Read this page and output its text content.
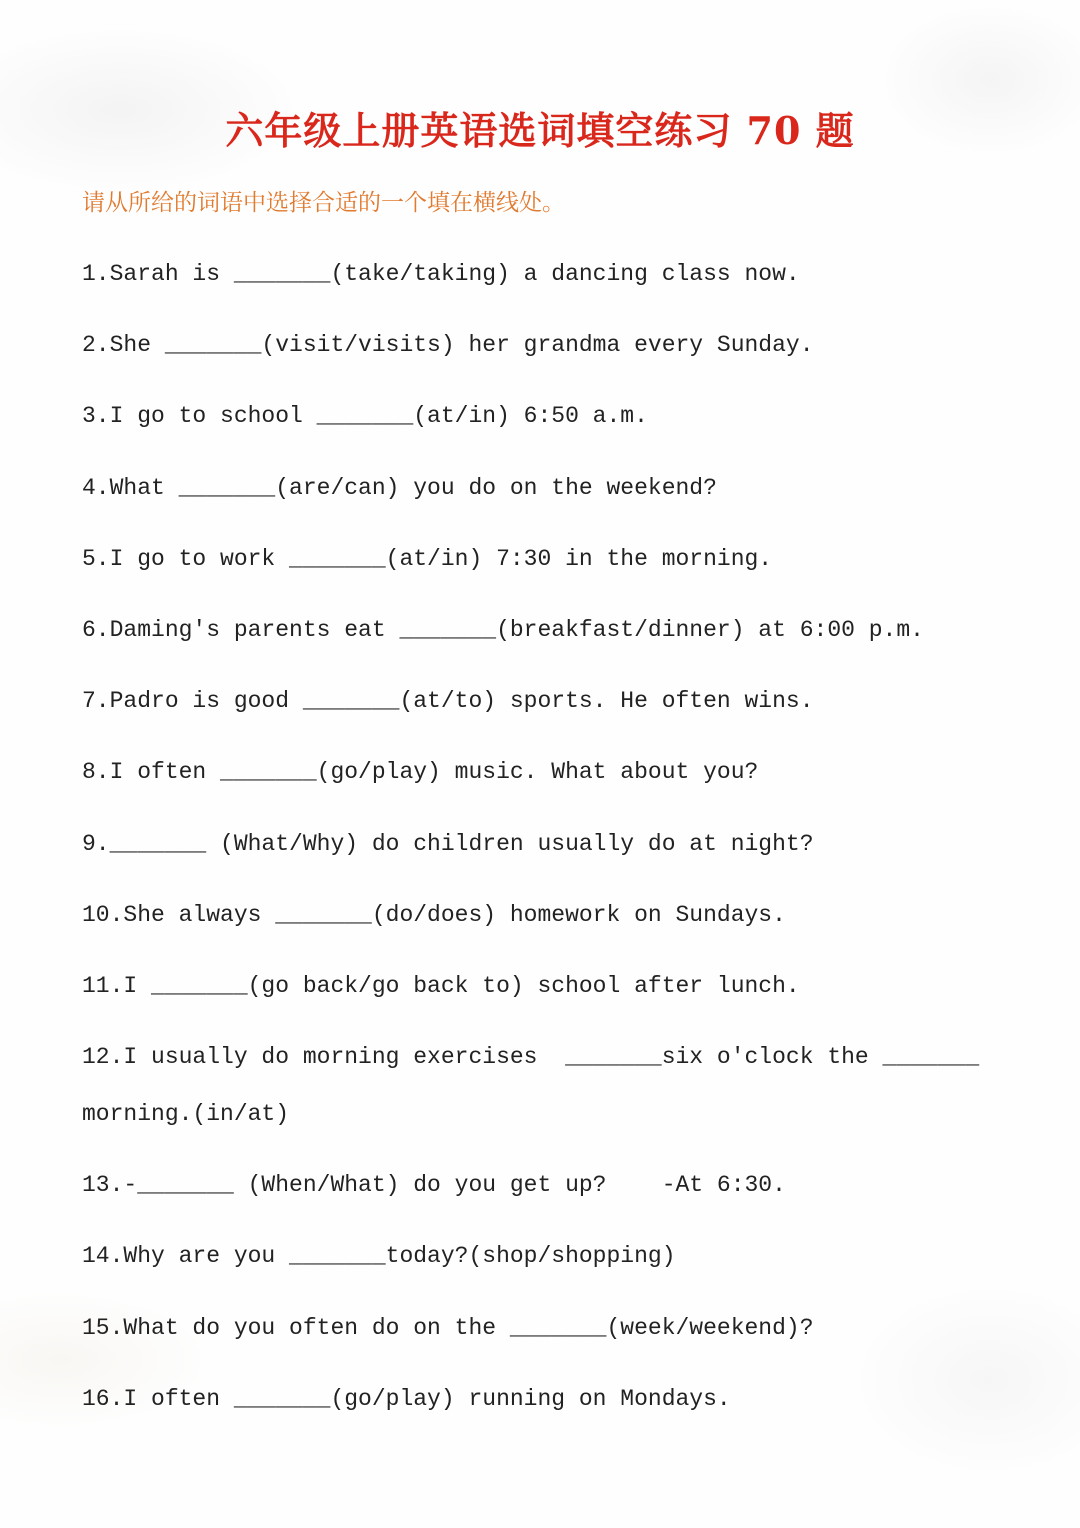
六年级上册英语选词填空练习 70 题
请从所给的词语中选择合适的一个填在横线处。
1.Sarah is _______(take/taking) a dancing class now.
2.She _______(visit/visits) her grandma every Sunday.
3.I go to school _______(at/in) 6:50 a.m.
4.What _______(are/can) you do on the weekend?
5.I go to work _______(at/in) 7:30 in the morning.
6.Daming's parents eat _______(breakfast/dinner) at 6:00 p.m.
7.Padro is good _______(at/to) sports. He often wins.
8.I often _______(go/play) music. What about you?
9._______ (What/Why) do children usually do at night?
10.She always _______(do/does) homework on Sundays.
11.I _______(go back/go back to) school after lunch.
12.I usually do morning exercises  _______six o'clock the _______
morning.(in/at)
13.-_______ (When/What) do you get up?    -At 6:30.
14.Why are you _______today?(shop/shopping)
15.What do you often do on the _______(week/weekend)?
16.I often _______(go/play) running on Mondays.
